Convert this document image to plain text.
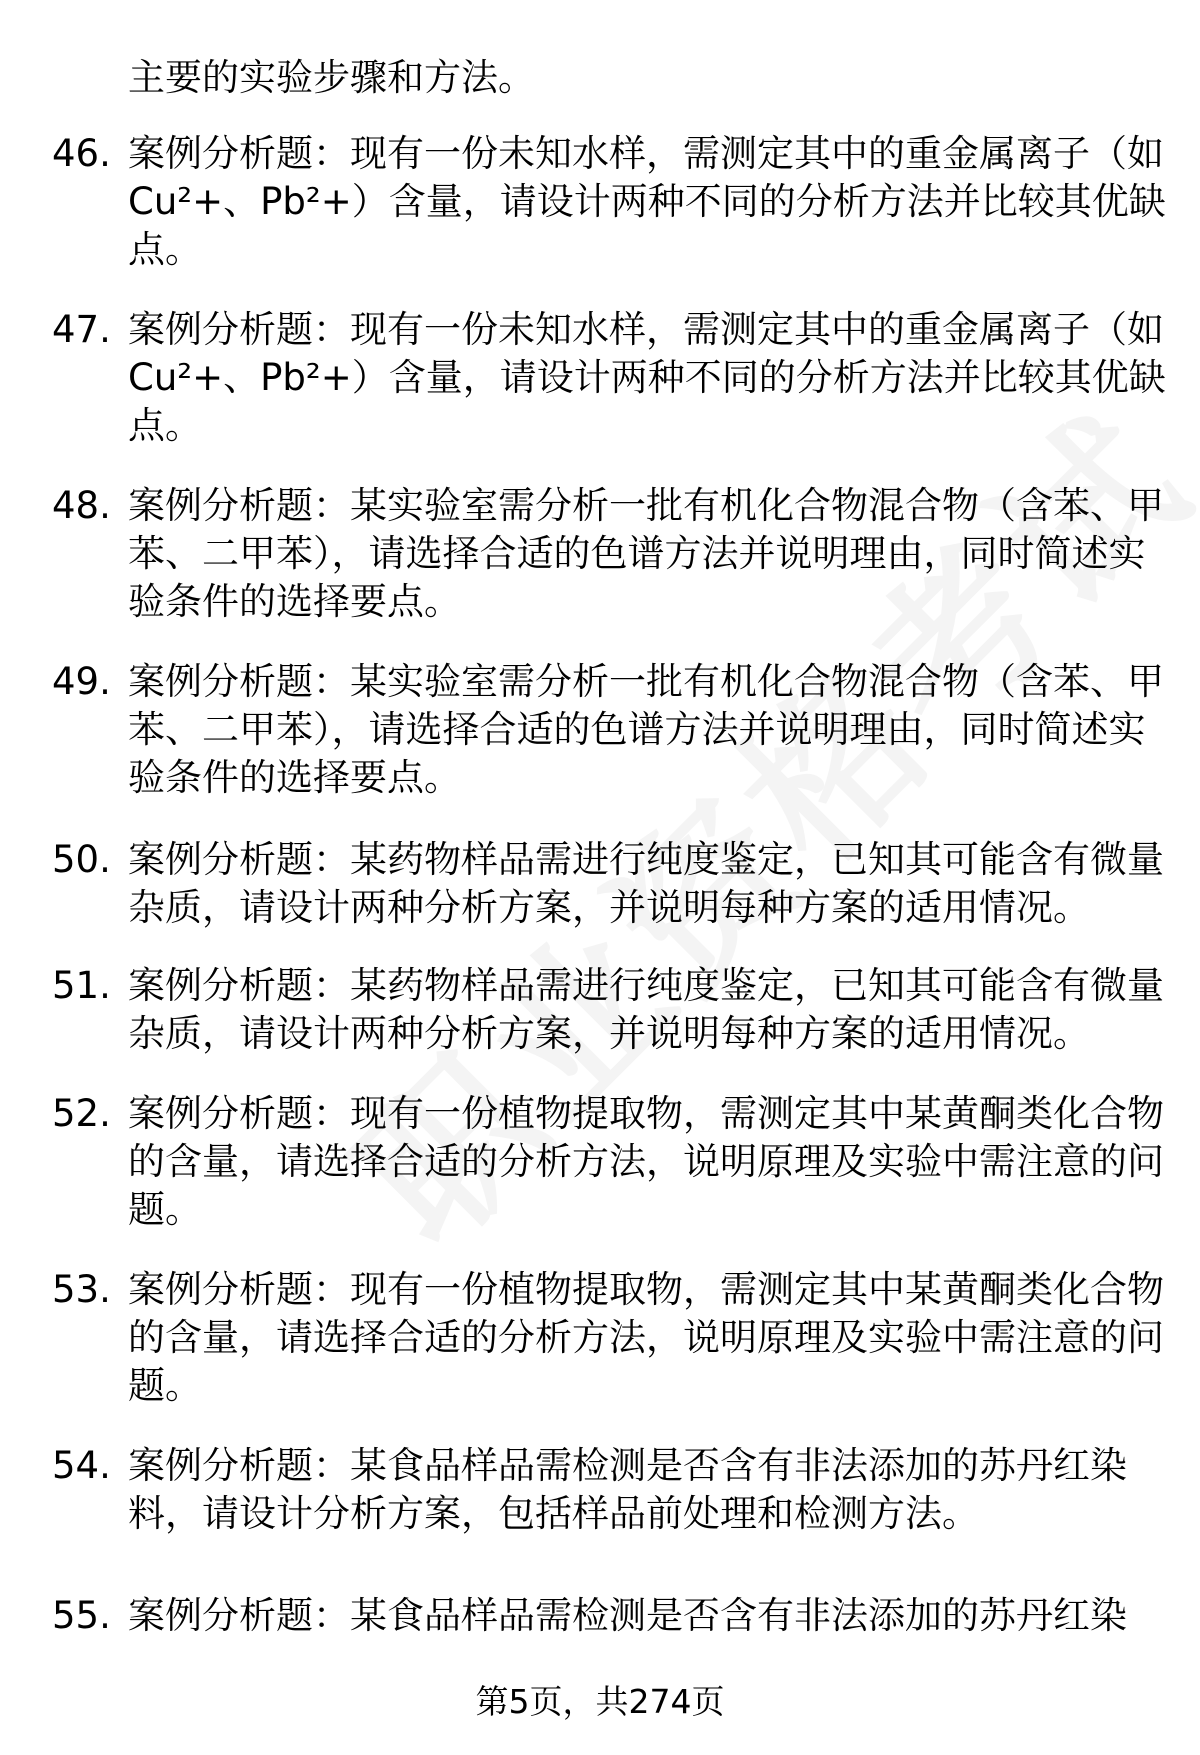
主要的实验步骤和方法。
46. 案例分析题：现有一份未知水样，需测定其中的重金属离子（如
Cu²+、Pb²+）含量，请设计两种不同的分析方法并比较其优缺
点。
47. 案例分析题：现有一份未知水样，需测定其中的重金属离子（如
Cu²+、Pb²+）含量，请设计两种不同的分析方法并比较其优缺
点。
48. 案例分析题：某实验室需分析一批有机化合物混合物（含苯、甲
苯、二甲苯），请选择合适的色谱方法并说明理由，同时简述实
验条件的选择要点。
49. 案例分析题：某实验室需分析一批有机化合物混合物（含苯、甲
苯、二甲苯），请选择合适的色谱方法并说明理由，同时简述实
验条件的选择要点。
50. 案例分析题：某药物样品需进行纯度鉴定，已知其可能含有微量
杂质，请设计两种分析方案，并说明每种方案的适用情况。
51. 案例分析题：某药物样品需进行纯度鉴定，已知其可能含有微量
杂质，请设计两种分析方案，并说明每种方案的适用情况。
52. 案例分析题：现有一份植物提取物，需测定其中某黄酮类化合物
的含量，请选择合适的分析方法，说明原理及实验中需注意的问
题。
53. 案例分析题：现有一份植物提取物，需测定其中某黄酮类化合物
的含量，请选择合适的分析方法，说明原理及实验中需注意的问
题。
54. 案例分析题：某食品样品需检测是否含有非法添加的苏丹红染
料，请设计分析方案，包括样品前处理和检测方法。
55. 案例分析题：某食品样品需检测是否含有非法添加的苏丹红染
第5页，共274页
